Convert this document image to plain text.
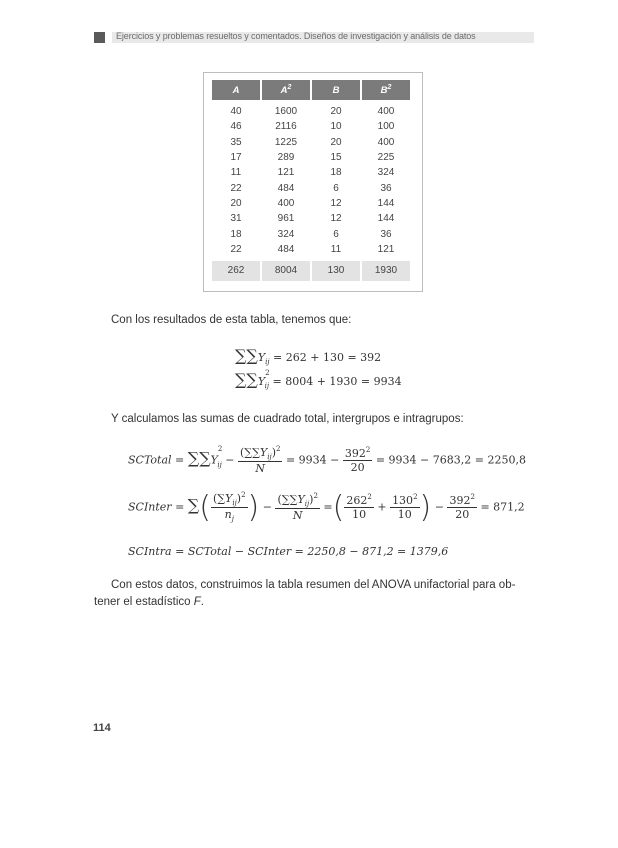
Ejercicios y problemas resueltos y comentados. Diseños de investigación y análisis de datos
A	$A^2$	B	$B^2$
40	1600	20	400
46	2116	10	100
35	1225	20	400
17	289	15	225
11	121	18	324
22	484	6	36
20	400	12	144
31	961	12	144
18	324	6	36
22	484	11	121

262	8004	130	1930
Con los resultados de esta tabla, tenemos que:
$\sum\sum Y_{ij} = 262 + 130 = 392$
$\sum\sum Y^2_{ij} = 8004 + 1930 = 9934$
Y calculamos las sumas de cuadrado total, intergrupos e intragrupos:
SCTotal = $\sum\sum Y^2_{ij} - \frac{(\sum\sum Y_{ij})^2}{N} = 9934 - \frac{392^2}{20} = 9934 - 7683,2 = 2250,8$
SCInter = ∑( $\frac{(\sum Y_{ij})^2}{n_j}$ ) − $\frac{(\sum\sum Y_{ij})^2}{N}$ =( $\frac{262^2}{10} + \frac{130^2}{10}$ ) − $\frac{392^2}{20} = 871,2$
SCIntra = SCTotal − SCInter = 2250,8 − 871,2 = 1379,6
Con estos datos, construimos la tabla resumen del ANOVA unifactorial para ob-
tener el estadístico F.
114
